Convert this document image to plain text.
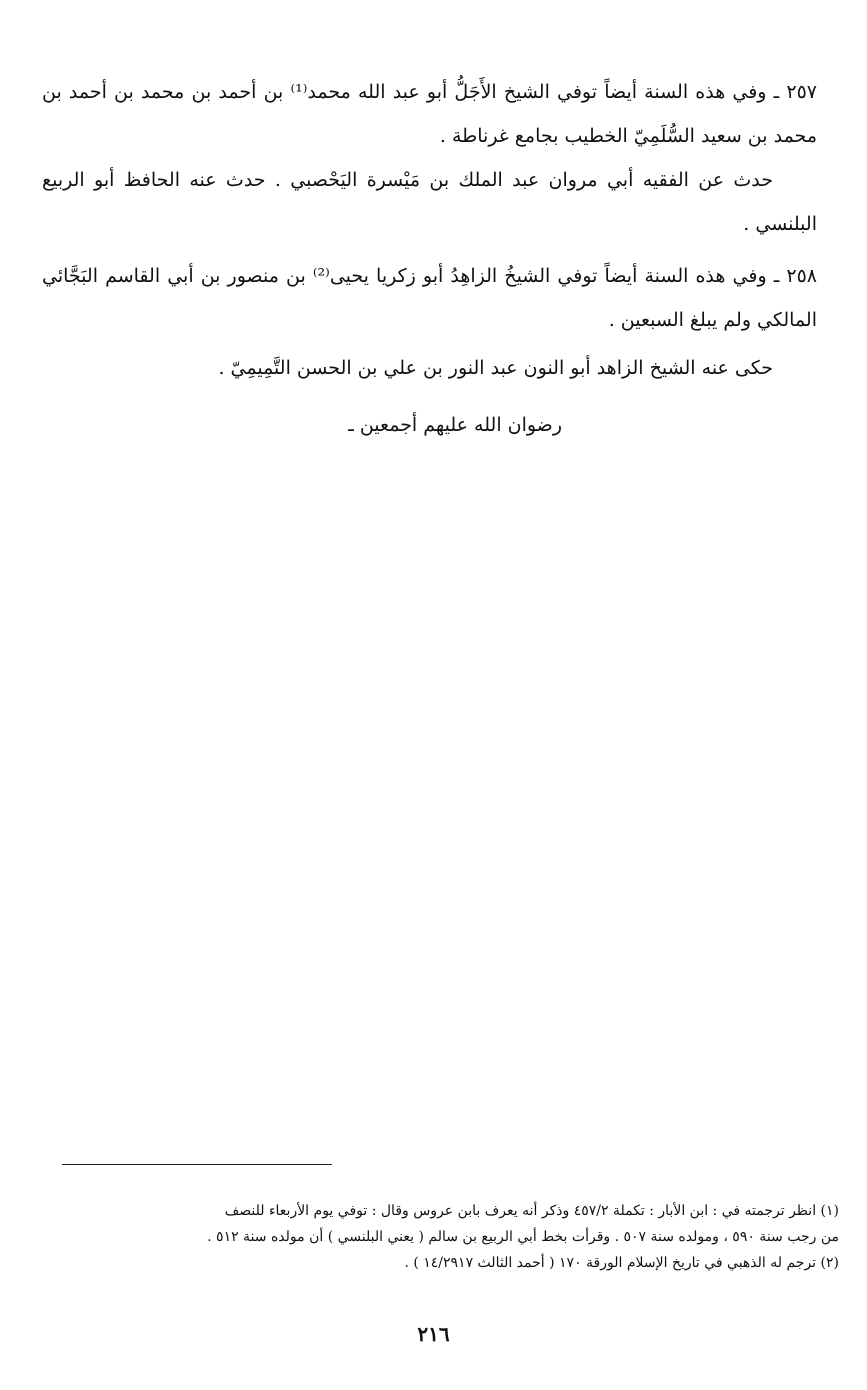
٢٥٧ ـ وفي هذه السنة أيضاً توفي الشيخ الأَجَلُّ أبو عبد الله محمد⁽¹⁾ بن أحمد بن محمد بن أحمد بن محمد بن سعيد السُّلَمِيّ الخطيب بجامع غرناطة .

حدث عن الفقيه أبي مروان عبد الملك بن مَيْسرة اليَحْصبي . حدث عنه الحافظ أبو الربيع البلنسي .

٢٥٨ ـ وفي هذه السنة أيضاً توفي الشيخُ الزاهِدُ أبو زكريا يحيى⁽²⁾ بن منصور بن أبي القاسم البَجَّائي المالكي ولم يبلغ السبعين .

حكى عنه الشيخ الزاهد أبو النون عبد النور بن علي بن الحسن التَّمِيمِيّ .

رضوان الله عليهم أجمعين ـ

(١) انظر ترجمته في : ابن الأبار : تكملة ٤٥٧/٢ وذكر أنه يعرف بابن عروس وقال : توفي يوم الأربعاء للنصف

من رجب سنة ٥٩٠ ، ومولده سنة ٥٠٧ . وقرأت بخط أبي الربيع بن سالم ( يعني البلنسي ) أن مولده سنة ٥١٢ .

(٢) ترجم له الذهبي في تاريخ الإسلام الورقة ١٧٠ ( أحمد الثالث ١٤/٢٩١٧ ) .

٢١٦
